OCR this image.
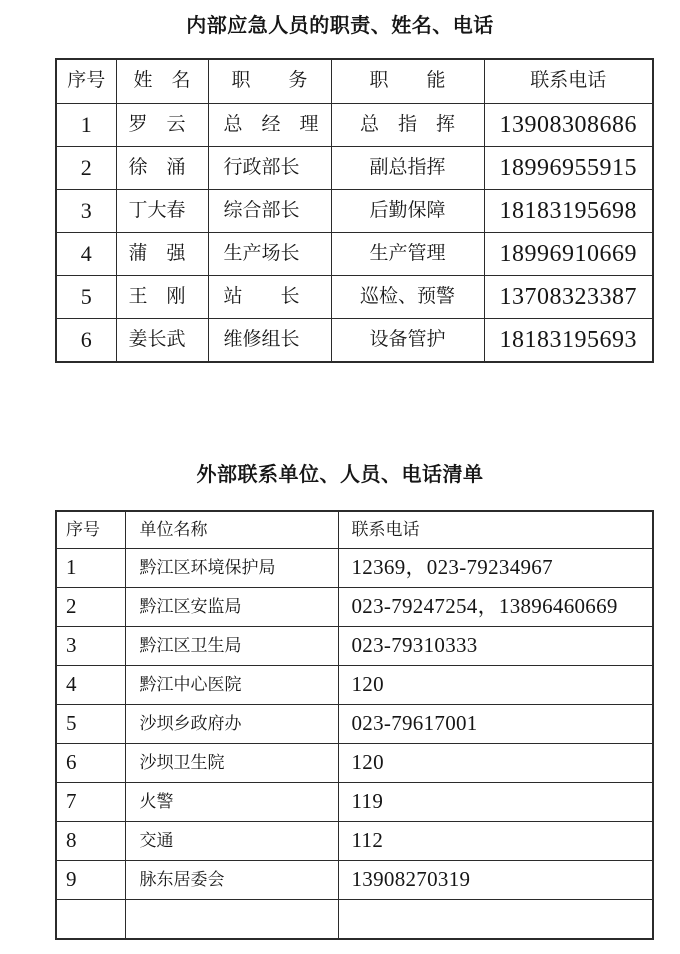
内部应急人员的职责、姓名、电话
序号	姓　名	职　　务	职　　能	联系电话
1	罗　云	总　经　理	总　指　挥	13908308686
2	徐　涌	行政部长	副总指挥	18996955915
3	丁大春	综合部长	后勤保障	18183195698
4	蒲　强	生产场长	生产管理	18996910669
5	王　刚	站　　长	巡检、预警	13708323387
6	姜长武	维修组长	设备管护	18183195693
外部联系单位、人员、电话清单
序号	单位名称	联系电话
1	黔江区环境保护局	12369，023-79234967
2	黔江区安监局	023-79247254，13896460669
3	黔江区卫生局	023-79310333
4	黔江中心医院	120
5	沙坝乡政府办	023-79617001
6	沙坝卫生院	120
7	火警	119
8	交通	112
9	脉东居委会	13908270319
